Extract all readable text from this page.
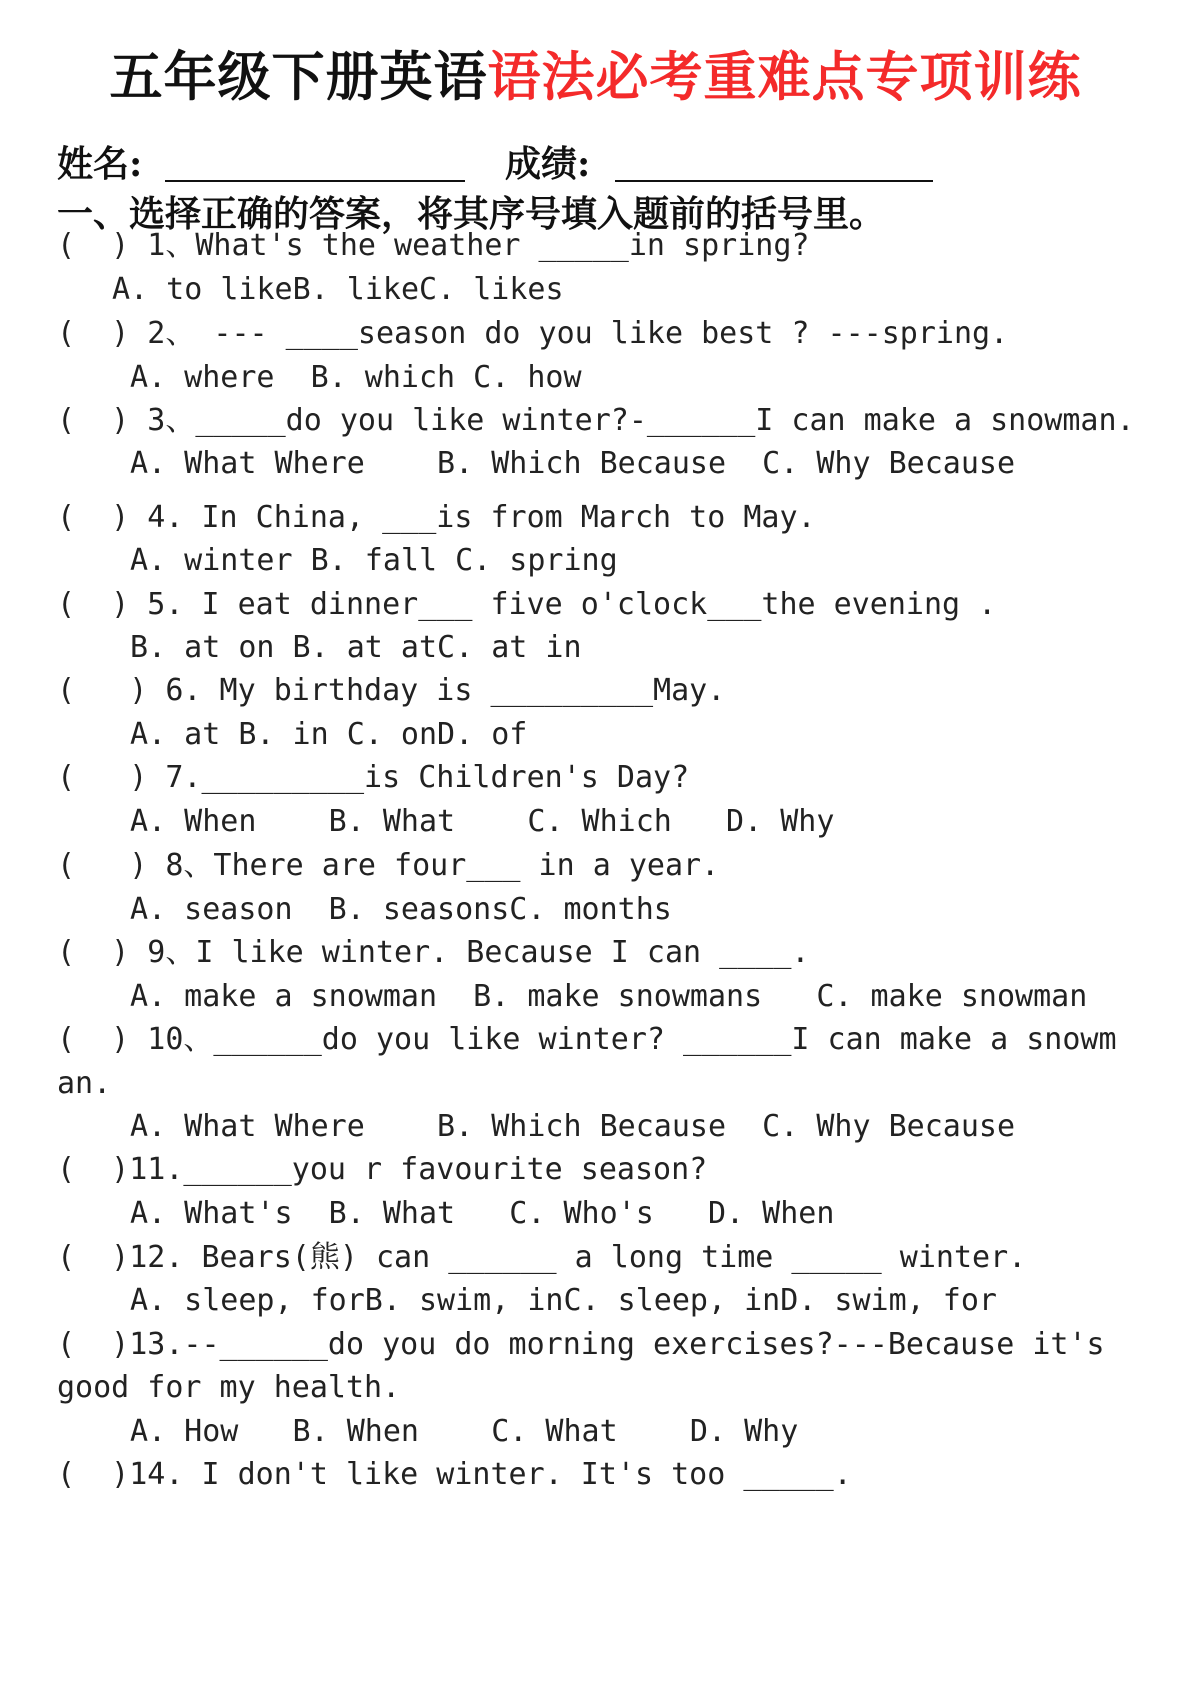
五年级下册英语语法必考重难点专项训练
姓名:	成绩:
一、选择正确的答案，将其序号填入题前的括号里。
(  ) 1、What's the weather _____in spring?
A. to likeB. likeC. likes
(  ) 2、 --- ____season do you like best ? ---spring.
A. where  B. which C. how
(  ) 3、_____do you like winter?-______I can make a snowman.
A. What Where    B. Which Because  C. Why Because
(  ) 4. In China, ___is from March to May.
A. winter B. fall C. spring
(  ) 5. I eat dinner___ five o'clock___the evening .
B. at on B. at atC. at in
(   ) 6. My birthday is _________May.
A. at B. in C. onD. of
(   ) 7._________is Children's Day?
A. When    B. What    C. Which   D. Why
(   ) 8、There are four___ in a year.
A. season  B. seasonsC. months
(  ) 9、I like winter. Because I can ____.
A. make a snowman  B. make snowmans   C. make snowman
(  ) 10、______do you like winter? ______I can make a snowm
an.
A. What Where    B. Which Because  C. Why Because
(  )11.______you r favourite season?
A. What's  B. What   C. Who's   D. When
(  )12. Bears(熊) can ______ a long time _____ winter.
A. sleep, forB. swim, inC. sleep, inD. swim, for
(  )13.--______do you do morning exercises?---Because it's
good for my health.
A. How   B. When    C. What    D. Why
(  )14. I don't like winter. It's too _____.
